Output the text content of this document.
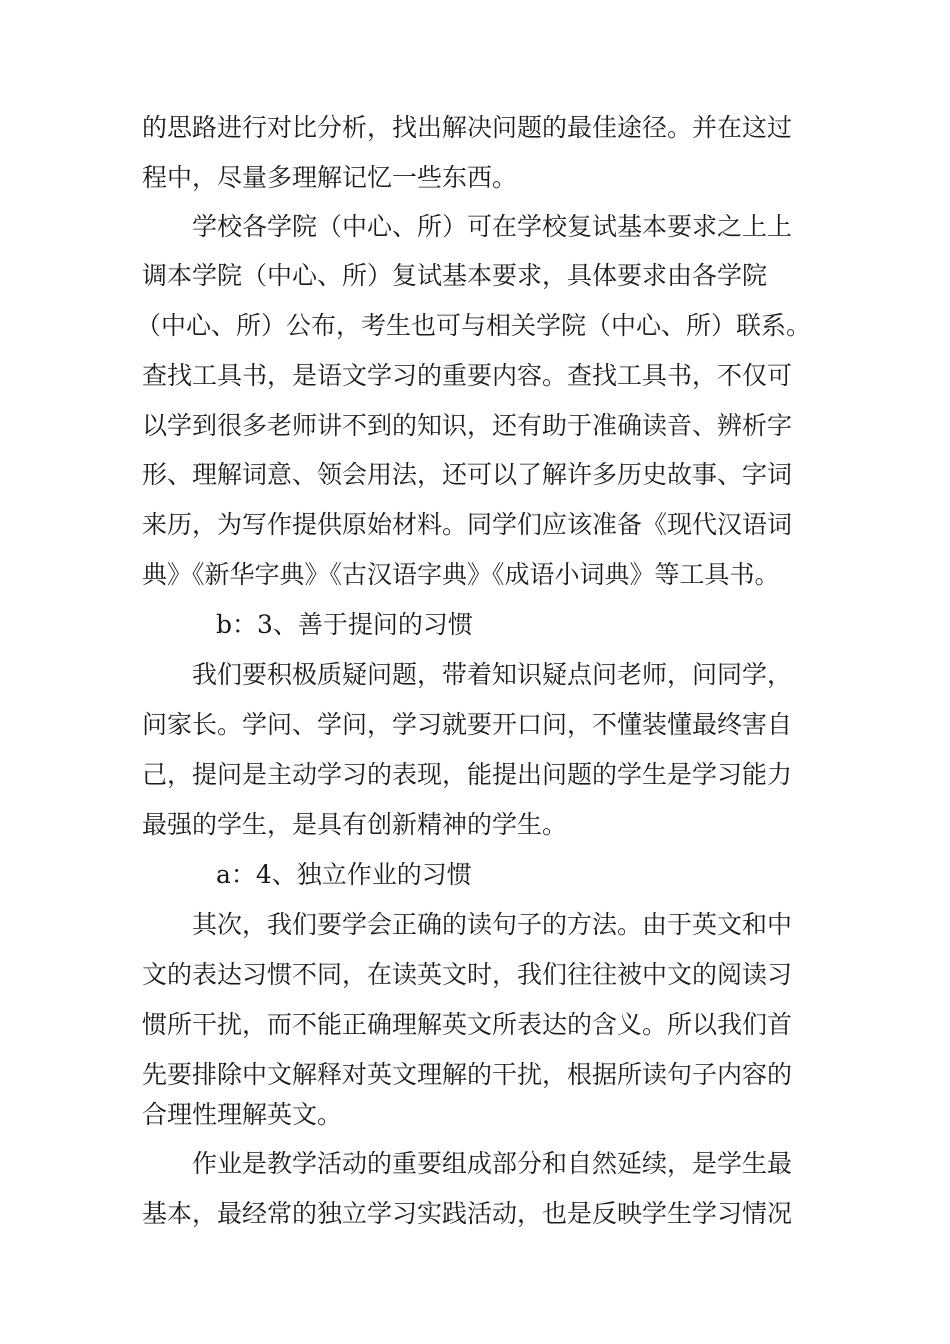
的思路进行对比分析，找出解决问题的最佳途径。并在这过
程中，尽量多理解记忆一些东西。
学校各学院（中心、所）可在学校复试基本要求之上上
调本学院（中心、所）复试基本要求，具体要求由各学院
（中心、所）公布，考生也可与相关学院（中心、所）联系。
查找工具书，是语文学习的重要内容。查找工具书，不仅可
以学到很多老师讲不到的知识，还有助于准确读音、辨析字
形、理解词意、领会用法，还可以了解许多历史故事、字词
来历，为写作提供原始材料。同学们应该准备《现代汉语词
典》《新华字典》《古汉语字典》《成语小词典》等工具书。
b：3、善于提问的习惯
我们要积极质疑问题，带着知识疑点问老师，问同学，
问家长。学问、学问，学习就要开口问，不懂装懂最终害自
己，提问是主动学习的表现，能提出问题的学生是学习能力
最强的学生，是具有创新精神的学生。
a：4、独立作业的习惯
其次，我们要学会正确的读句子的方法。由于英文和中
文的表达习惯不同，在读英文时，我们往往被中文的阅读习
惯所干扰，而不能正确理解英文所表达的含义。所以我们首
先要排除中文解释对英文理解的干扰，根据所读句子内容的
合理性理解英文。
作业是教学活动的重要组成部分和自然延续，是学生最
基本，最经常的独立学习实践活动，也是反映学生学习情况
